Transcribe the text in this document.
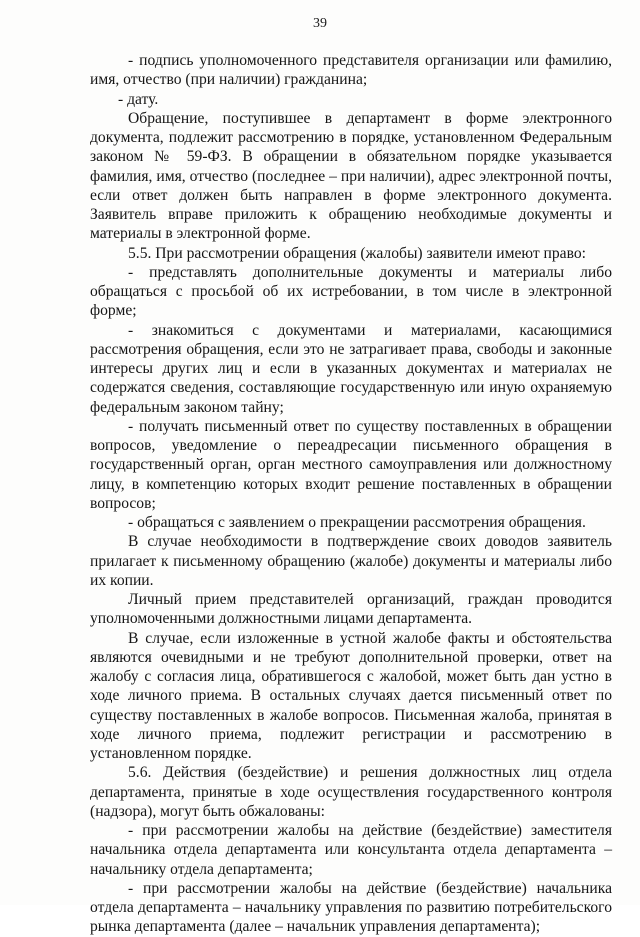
39

- подпись уполномоченного представителя организации или фамилию, имя, отчество (при наличии) гражданина;

- дату.

Обращение, поступившее в департамент в форме электронного документа, подлежит рассмотрению в порядке, установленном Федеральным законом № 59-ФЗ. В обращении в обязательном порядке указывается фамилия, имя, отчество (последнее – при наличии), адрес электронной почты, если ответ должен быть направлен в форме электронного документа. Заявитель вправе приложить к обращению необходимые документы и материалы в электронной форме.

5.5. При рассмотрении обращения (жалобы) заявители имеют право:

- представлять дополнительные документы и материалы либо обращаться с просьбой об их истребовании, в том числе в электронной форме;

- знакомиться с документами и материалами, касающимися рассмотрения обращения, если это не затрагивает права, свободы и законные интересы других лиц и если в указанных документах и материалах не содержатся сведения, составляющие государственную или иную охраняемую федеральным законом тайну;

- получать письменный ответ по существу поставленных в обращении вопросов, уведомление о переадресации письменного обращения в государственный орган, орган местного самоуправления или должностному лицу, в компетенцию которых входит решение поставленных в обращении вопросов;

- обращаться с заявлением о прекращении рассмотрения обращения.

В случае необходимости в подтверждение своих доводов заявитель прилагает к письменному обращению (жалобе) документы и материалы либо их копии.

Личный прием представителей организаций, граждан проводится уполномоченными должностными лицами департамента.

В случае, если изложенные в устной жалобе факты и обстоятельства являются очевидными и не требуют дополнительной проверки, ответ на жалобу с согласия лица, обратившегося с жалобой, может быть дан устно в ходе личного приема. В остальных случаях дается письменный ответ по существу поставленных в жалобе вопросов. Письменная жалоба, принятая в ходе личного приема, подлежит регистрации и рассмотрению в установленном порядке.

5.6. Действия (бездействие) и решения должностных лиц отдела департамента, принятые в ходе осуществления государственного контроля (надзора), могут быть обжалованы:

- при рассмотрении жалобы на действие (бездействие) заместителя начальника отдела департамента или консультанта отдела департамента – начальнику отдела департамента;

- при рассмотрении жалобы на действие (бездействие) начальника отдела департамента – начальнику управления по развитию потребительского рынка департамента (далее – начальник управления департамента);
